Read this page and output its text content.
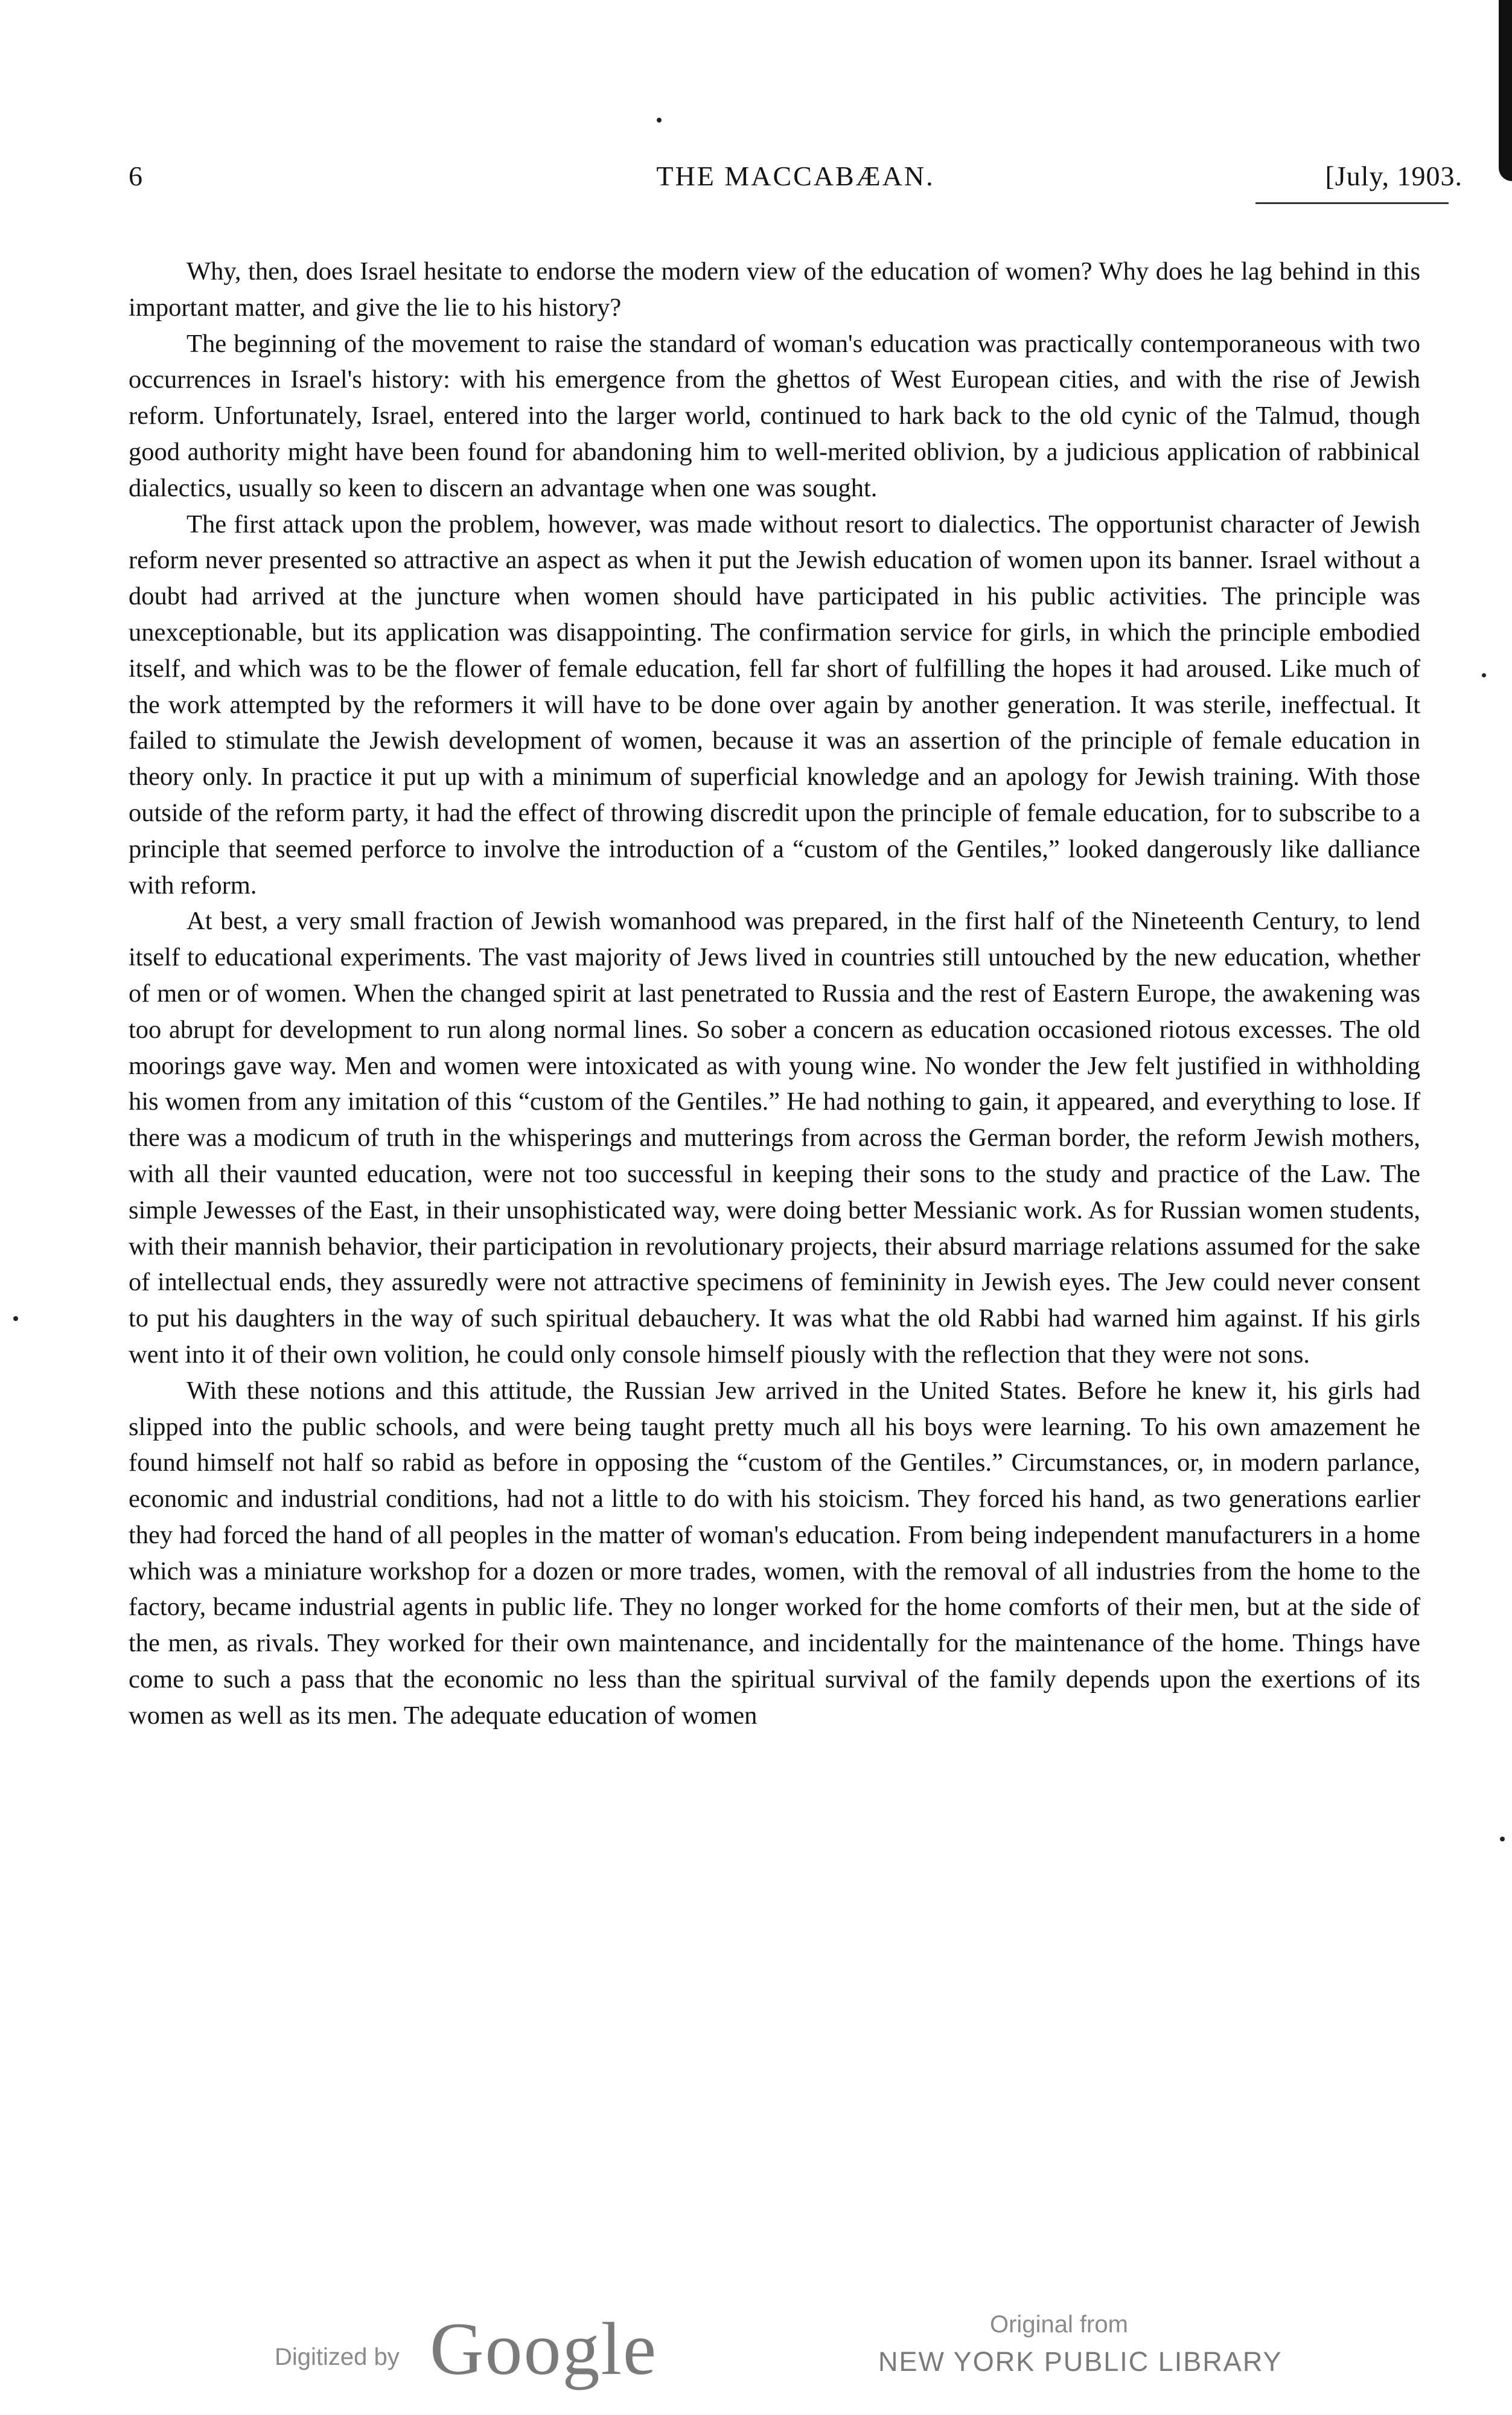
6	THE MACCABÆAN.	[July, 1903.

Why, then, does Israel hesitate to endorse the modern view of the education of women? Why does he lag behind in this important matter, and give the lie to his history?

The beginning of the movement to raise the standard of woman's education was practically contemporaneous with two occurrences in Israel's history: with his emergence from the ghettos of West European cities, and with the rise of Jewish reform. Unfortunately, Israel, entered into the larger world, continued to hark back to the old cynic of the Talmud, though good authority might have been found for abandoning him to well-merited oblivion, by a judicious application of rabbinical dialectics, usually so keen to discern an advantage when one was sought.

The first attack upon the problem, however, was made without resort to dialectics. The opportunist character of Jewish reform never presented so attractive an aspect as when it put the Jewish education of women upon its banner. Israel without a doubt had arrived at the juncture when women should have participated in his public activities. The principle was unexceptionable, but its application was disappointing. The confirmation service for girls, in which the principle embodied itself, and which was to be the flower of female education, fell far short of fulfilling the hopes it had aroused. Like much of the work attempted by the reformers it will have to be done over again by another generation. It was sterile, ineffectual. It failed to stimulate the Jewish development of women, because it was an assertion of the principle of female education in theory only. In practice it put up with a minimum of superficial knowledge and an apology for Jewish training. With those outside of the reform party, it had the effect of throwing discredit upon the principle of female education, for to subscribe to a principle that seemed perforce to involve the introduction of a “custom of the Gentiles,” looked dangerously like dalliance with reform.

At best, a very small fraction of Jewish womanhood was prepared, in the first half of the Nineteenth Century, to lend itself to educational experiments. The vast majority of Jews lived in countries still untouched by the new education, whether of men or of women. When the changed spirit at last penetrated to Russia and the rest of Eastern Europe, the awakening was too abrupt for development to run along normal lines. So sober a concern as education occasioned riotous excesses. The old moorings gave way. Men and women were intoxicated as with young wine. No wonder the Jew felt justified in withholding his women from any imitation of this “custom of the Gentiles.” He had nothing to gain, it appeared, and everything to lose. If there was a modicum of truth in the whisperings and mutterings from across the German border, the reform Jewish mothers, with all their vaunted education, were not too successful in keeping their sons to the study and practice of the Law. The simple Jewesses of the East, in their unsophisticated way, were doing better Messianic work. As for Russian women students, with their mannish behavior, their participation in revolutionary projects, their absurd marriage relations assumed for the sake of intellectual ends, they assuredly were not attractive specimens of femininity in Jewish eyes. The Jew could never consent to put his daughters in the way of such spiritual debauchery. It was what the old Rabbi had warned him against. If his girls went into it of their own volition, he could only console himself piously with the reflection that they were not sons.

With these notions and this attitude, the Russian Jew arrived in the United States. Before he knew it, his girls had slipped into the public schools, and were being taught pretty much all his boys were learning. To his own amazement he found himself not half so rabid as before in opposing the “custom of the Gentiles.” Circumstances, or, in modern parlance, economic and industrial conditions, had not a little to do with his stoicism. They forced his hand, as two generations earlier they had forced the hand of all peoples in the matter of woman's education. From being independent manufacturers in a home which was a miniature workshop for a dozen or more trades, women, with the removal of all industries from the home to the factory, became industrial agents in public life. They no longer worked for the home comforts of their men, but at the side of the men, as rivals. They worked for their own maintenance, and incidentally for the maintenance of the home. Things have come to such a pass that the economic no less than the spiritual survival of the family depends upon the exertions of its women as well as its men. The adequate education of women

Digitized by Google	Original from
NEW YORK PUBLIC LIBRARY
